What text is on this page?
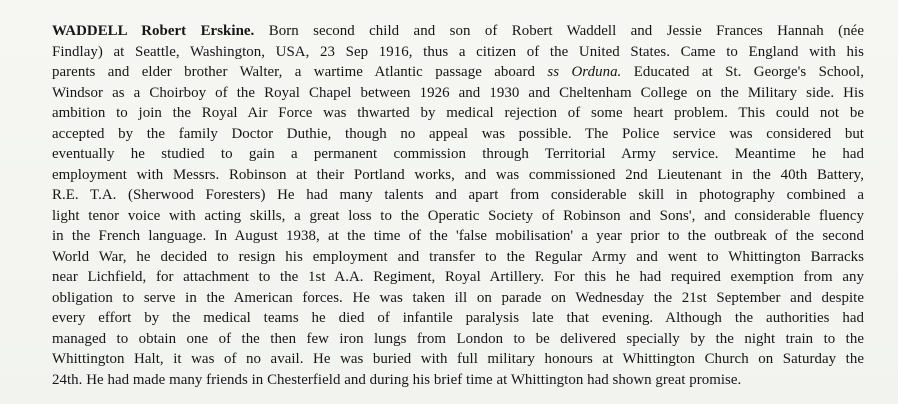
WADDELL Robert Erskine. Born second child and son of Robert Waddell and Jessie Frances Hannah (née
Findlay) at Seattle, Washington, USA, 23 Sep 1916, thus a citizen of the United States. Came to England with his
parents and elder brother Walter, a wartime Atlantic passage aboard ss Orduna. Educated at St. George's School,
Windsor as a Choirboy of the Royal Chapel between 1926 and 1930 and Cheltenham College on the Military side. His
ambition to join the Royal Air Force was thwarted by medical rejection of some heart problem. This could not be
accepted by the family Doctor Duthie, though no appeal was possible. The Police service was considered but
eventually he studied to gain a permanent commission through Territorial Army service. Meantime he had
employment with Messrs. Robinson at their Portland works, and was commissioned 2nd Lieutenant in the 40th Battery,
R.E. T.A. (Sherwood Foresters) He had many talents and apart from considerable skill in photography combined a
light tenor voice with acting skills, a great loss to the Operatic Society of Robinson and Sons', and considerable fluency
in the French language. In August 1938, at the time of the 'false mobilisation' a year prior to the outbreak of the second
World War, he decided to resign his employment and transfer to the Regular Army and went to Whittington Barracks
near Lichfield, for attachment to the 1st A.A. Regiment, Royal Artillery. For this he had required exemption from any
obligation to serve in the American forces. He was taken ill on parade on Wednesday the 21st September and despite
every effort by the medical teams he died of infantile paralysis late that evening. Although the authorities had
managed to obtain one of the then few iron lungs from London to be delivered specially by the night train to the
Whittington Halt, it was of no avail. He was buried with full military honours at Whittington Church on Saturday the
24th. He had made many friends in Chesterfield and during his brief time at Whittington had shown great promise.
